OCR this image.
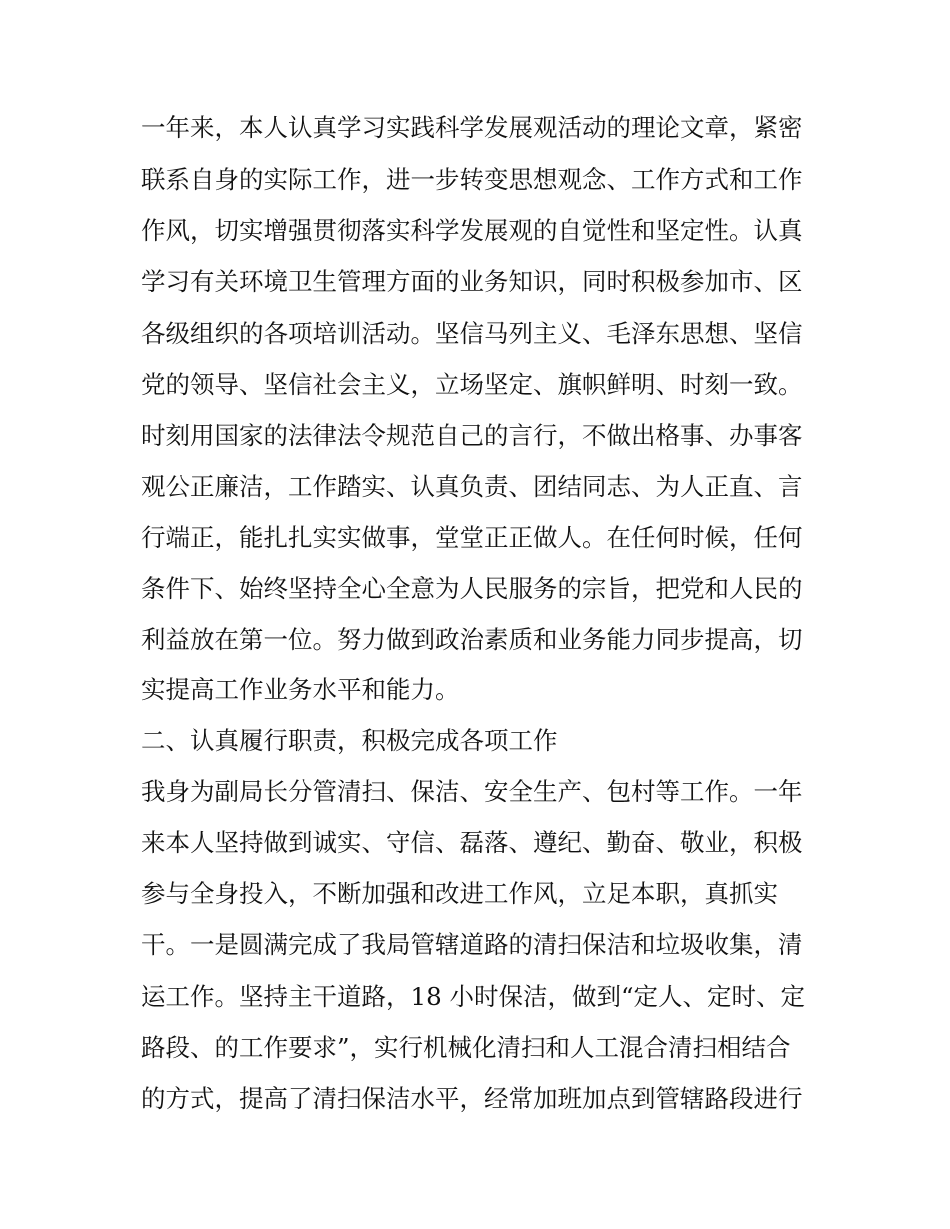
一年来，本人认真学习实践科学发展观活动的理论文章，紧密
联系自身的实际工作，进一步转变思想观念、工作方式和工作
作风，切实增强贯彻落实科学发展观的自觉性和坚定性。认真
学习有关环境卫生管理方面的业务知识，同时积极参加市、区
各级组织的各项培训活动。坚信马列主义、毛泽东思想、坚信
党的领导、坚信社会主义，立场坚定、旗帜鲜明、时刻一致。
时刻用国家的法律法令规范自己的言行，不做出格事、办事客
观公正廉洁，工作踏实、认真负责、团结同志、为人正直、言
行端正，能扎扎实实做事，堂堂正正做人。在任何时候，任何
条件下、始终坚持全心全意为人民服务的宗旨，把党和人民的
利益放在第一位。努力做到政治素质和业务能力同步提高，切
实提高工作业务水平和能力。
二、认真履行职责，积极完成各项工作
我身为副局长分管清扫、保洁、安全生产、包村等工作。一年
来本人坚持做到诚实、守信、磊落、遵纪、勤奋、敬业，积极
参与全身投入，不断加强和改进工作风，立足本职，真抓实
干。一是圆满完成了我局管辖道路的清扫保洁和垃圾收集，清
运工作。坚持主干道路，18 小时保洁，做到“定人、定时、定
路段、的工作要求”，实行机械化清扫和人工混合清扫相结合
的方式，提高了清扫保洁水平，经常加班加点到管辖路段进行
